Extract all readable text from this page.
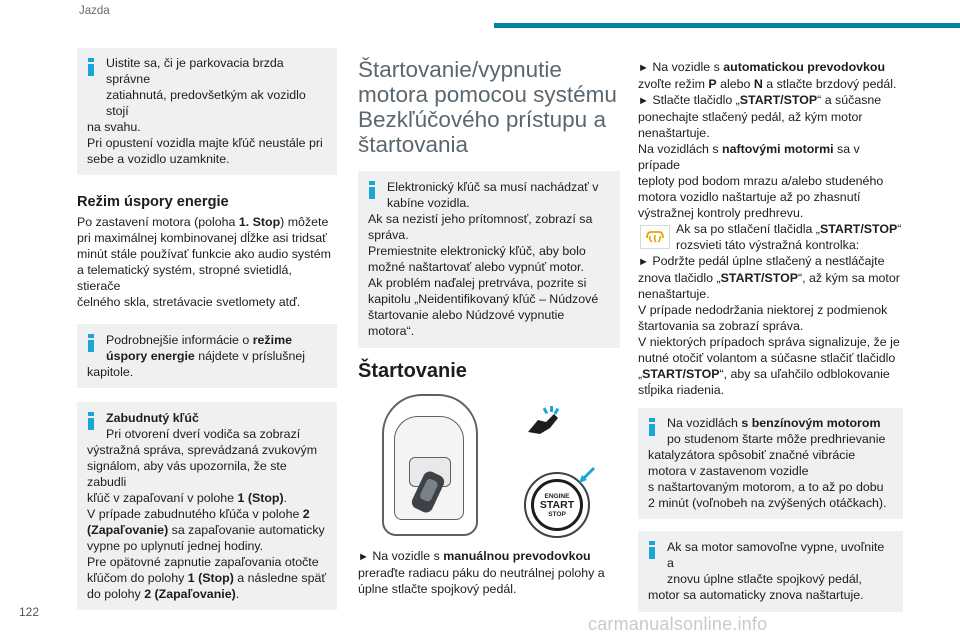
Jazda

Uistite sa, či je parkovacia brzda správne

zatiahnutá, predovšetkým ak vozidlo stojí

na svahu.

Pri opustení vozidla majte kľúč neustále pri

sebe a vozidlo uzamknite.

Režim úspory energie

Po zastavení motora (poloha 1. Stop) môžete

pri maximálnej kombinovanej dĺžke asi tridsať

minút stále používať funkcie ako audio systém

a telematický systém, stropné svietidlá, stierače

čelného skla, stretávacie svetlomety atď.

Podrobnejšie informácie o režime

úspory energie nájdete v príslušnej

kapitole.

Zabudnutý kľúč

Pri otvorení dverí vodiča sa zobrazí

výstražná správa, sprevádzaná zvukovým

signálom, aby vás upozornila, že ste zabudli

kľúč v zapaľovaní v polohe 1 (Stop).

V prípade zabudnutého kľúča v polohe 2

(Zapaľovanie) sa zapaľovanie automaticky

vypne po uplynutí jednej hodiny.

Pre opätovné zapnutie zapaľovania otočte

kľúčom do polohy 1 (Stop) a následne späť

do polohy 2 (Zapaľovanie).

Štartovanie/vypnutie

motora pomocou systému

Bezkľúčového prístupu a

štartovania

Elektronický kľúč sa musí nachádzať v

kabíne vozidla.

Ak sa nezistí jeho prítomnosť, zobrazí sa

správa.

Premiestnite elektronický kľúč, aby bolo

možné naštartovať alebo vypnúť motor.

Ak problém naďalej pretrváva, pozrite si

kapitolu „Neidentifikovaný kľúč – Núdzové

štartovanie alebo Núdzové vypnutie motora“.

Štartovanie

ENGINE
START
STOP

► Na vozidle s manuálnou prevodovkou

preraďte radiacu páku do neutrálnej polohy a

úplne stlačte spojkový pedál.

► Na vozidle s automatickou prevodovkou

zvoľte režim P alebo N a stlačte brzdový pedál.

► Stlačte tlačidlo „START/STOP“ a súčasne

ponechajte stlačený pedál, až kým motor

nenaštartuje.

Na vozidlách s naftovými motormi sa v prípade

teploty pod bodom mrazu a/alebo studeného

motora vozidlo naštartuje až po zhasnutí

výstražnej kontroly predhrevu.

Ak sa po stlačení tlačidla „START/STOP“

rozsvieti táto výstražná kontrolka:

► Podržte pedál úplne stlačený a nestláčajte

znova tlačidlo „START/STOP“, až kým sa motor

nenaštartuje.

V prípade nedodržania niektorej z podmienok

štartovania sa zobrazí správa.

V niektorých prípadoch správa signalizuje, že je

nutné otočiť volantom a súčasne stlačiť tlačidlo

„START/STOP“, aby sa uľahčilo odblokovanie

stĺpika riadenia.

Na vozidlách s benzínovým motorom

po studenom štarte môže predhrievanie

katalyzátora spôsobiť značné vibrácie

motora v zastavenom vozidle

s naštartovaným motorom, a to až po dobu

2 minút (voľnobeh na zvýšených otáčkach).

Ak sa motor samovoľne vypne, uvoľnite a

znovu úplne stlačte spojkový pedál,

motor sa automaticky znova naštartuje.

122
carmanualsonline.info
